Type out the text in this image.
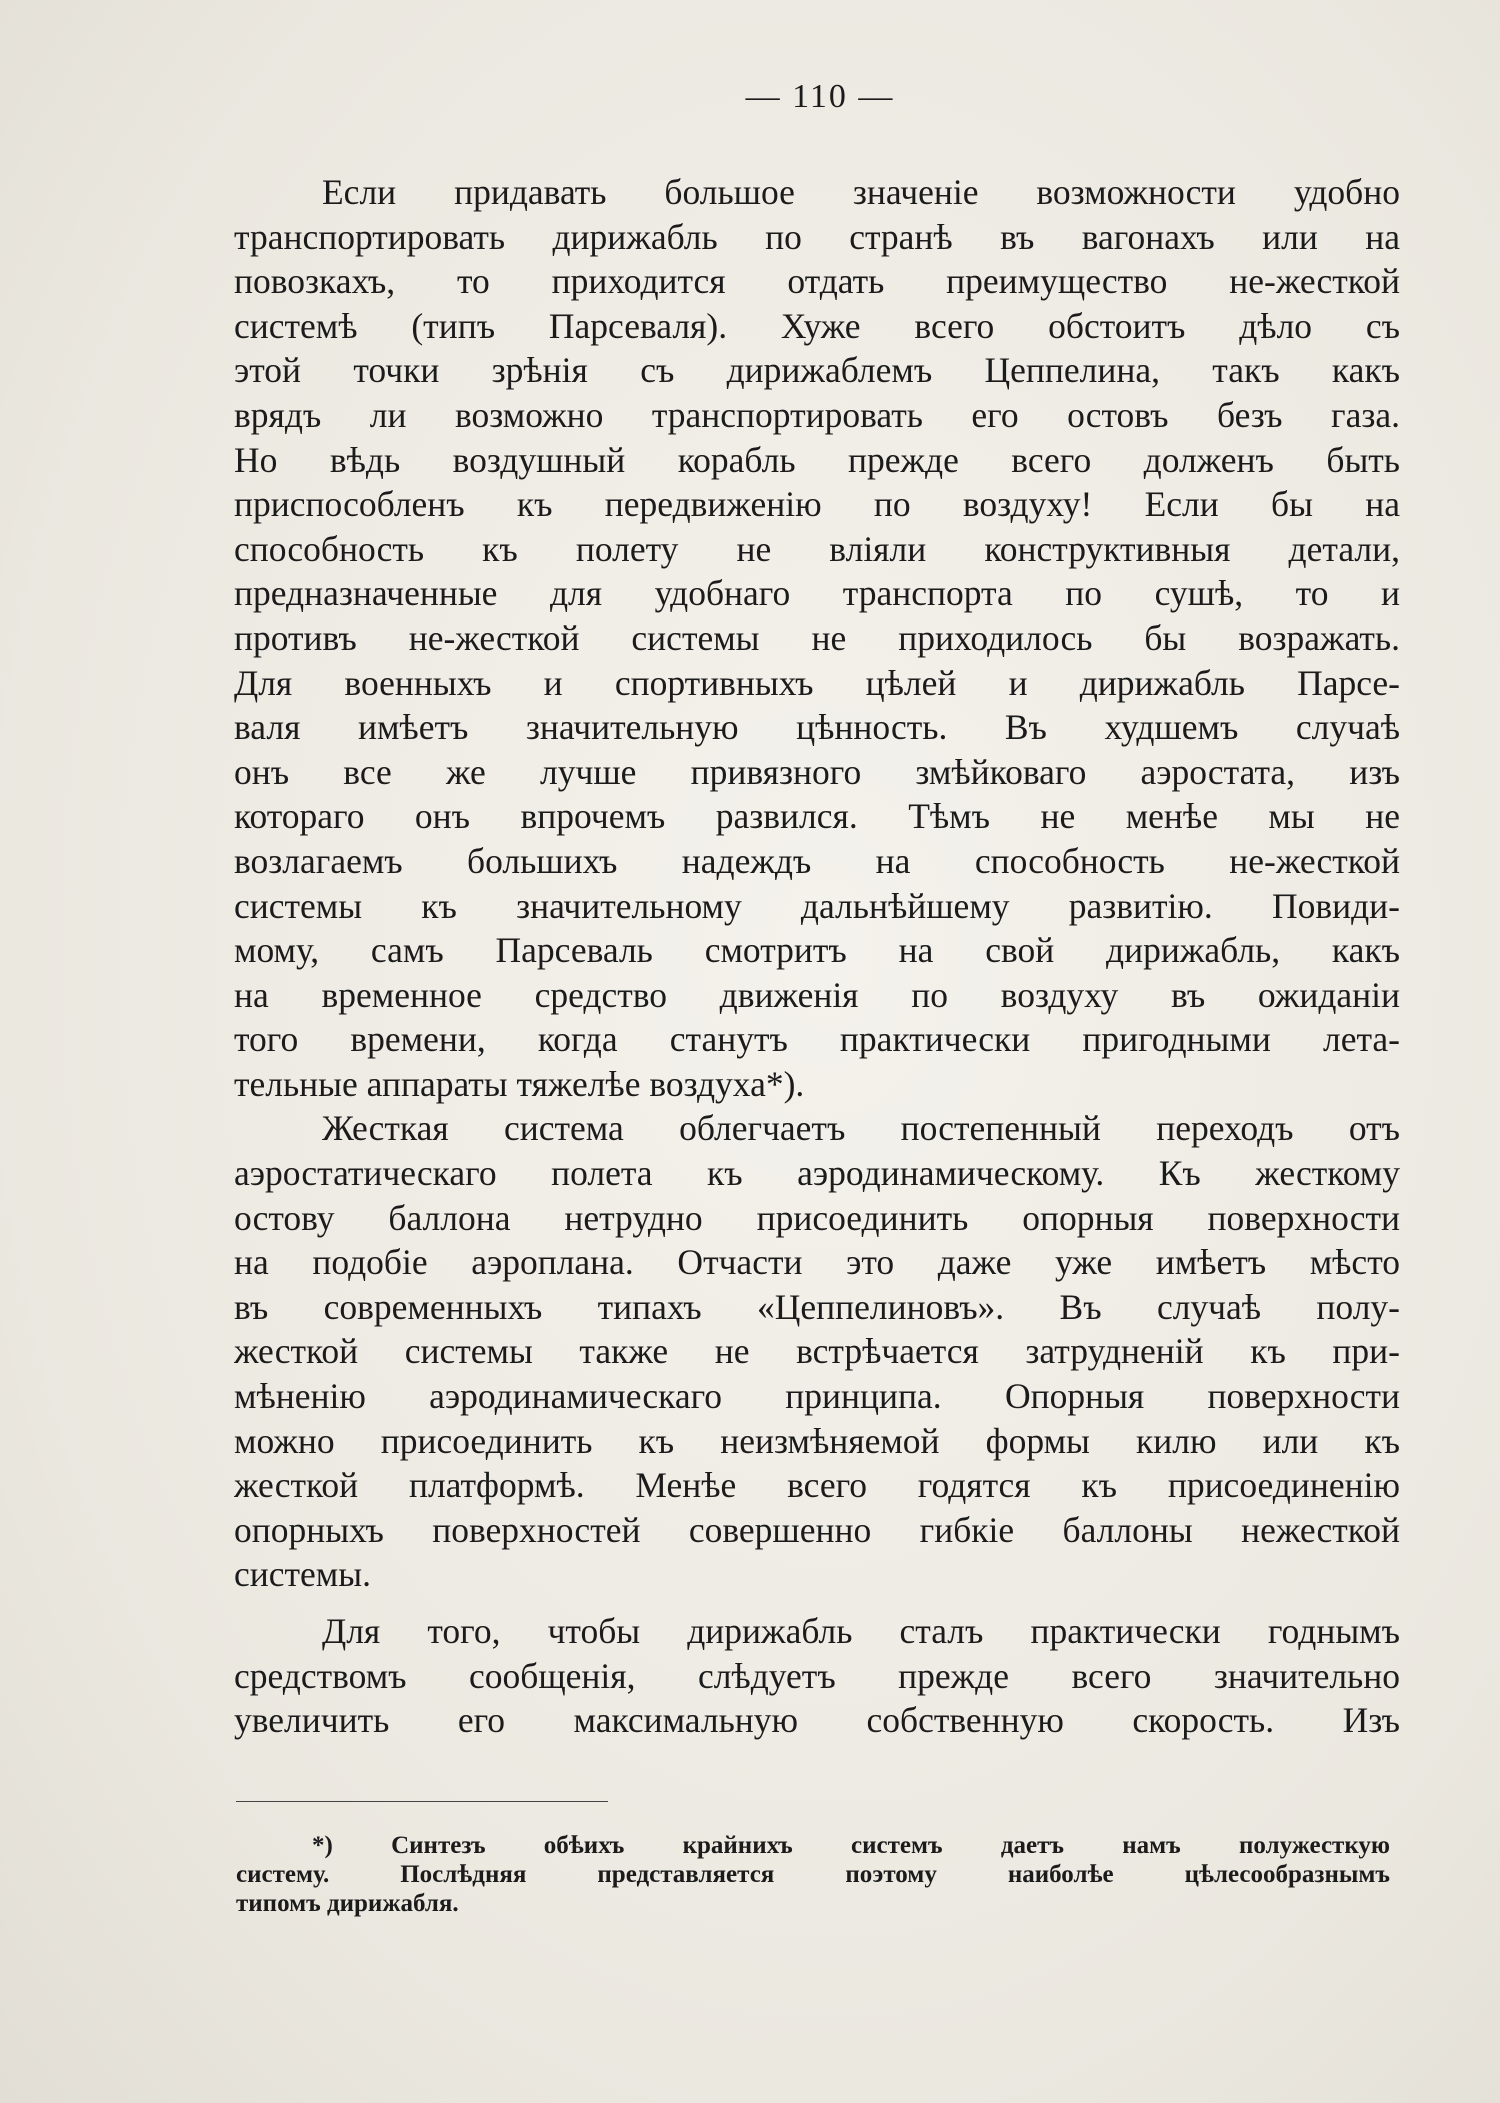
— 110 —

Если придавать большое значеніе возможности удобно
транспортировать дирижабль по странѣ въ вагонахъ или на
повозкахъ, то приходится отдать преимущество не-жесткой
системѣ (типъ Парсеваля). Хуже всего обстоитъ дѣло съ
этой точки зрѣнія съ дирижаблемъ Цеппелина, такъ какъ
врядъ ли возможно транспортировать его остовъ безъ газа.
Но вѣдь воздушный корабль прежде всего долженъ быть
приспособленъ къ передвиженію по воздуху! Если бы на
способность къ полету не вліяли конструктивныя детали,
предназначенные для удобнаго транспорта по сушѣ, то и
противъ не-жесткой системы не приходилось бы возражать.
Для военныхъ и спортивныхъ цѣлей и дирижабль Парсе-
валя имѣетъ значительную цѣнность. Въ худшемъ случаѣ
онъ все же лучше привязного змѣйковаго аэростата, изъ
котораго онъ впрочемъ развился. Тѣмъ не менѣе мы не
возлагаемъ большихъ надеждъ на способность не-жесткой
системы къ значительному дальнѣйшему развитію. Повиди-
мому, самъ Парсеваль смотритъ на свой дирижабль, какъ
на временное средство движенія по воздуху въ ожиданіи
того времени, когда станутъ практически пригодными лета-
тельные аппараты тяжелѣе воздуха*).

Жесткая система облегчаетъ постепенный переходъ отъ
аэростатическаго полета къ аэродинамическому. Къ жесткому
остову баллона нетрудно присоединить опорныя поверхности
на подобіе аэроплана. Отчасти это даже уже имѣетъ мѣсто
въ современныхъ типахъ «Цеппелиновъ». Въ случаѣ полу-
жесткой системы также не встрѣчается затрудненій къ при-
мѣненію аэродинамическаго принципа. Опорныя поверхности
можно присоединить къ неизмѣняемой формы килю или къ
жесткой платформѣ. Менѣе всего годятся къ присоединенію
опорныхъ поверхностей совершенно гибкіе баллоны нежесткой
системы.

Для того, чтобы дирижабль сталъ практически годнымъ
средствомъ сообщенія, слѣдуетъ прежде всего значительно
увеличить его максимальную собственную скорость. Изъ

*) Синтезъ обѣихъ крайнихъ системъ даетъ намъ полужесткую
систему. Послѣдняя представляется поэтому наиболѣе цѣлесообразнымъ
типомъ дирижабля.
